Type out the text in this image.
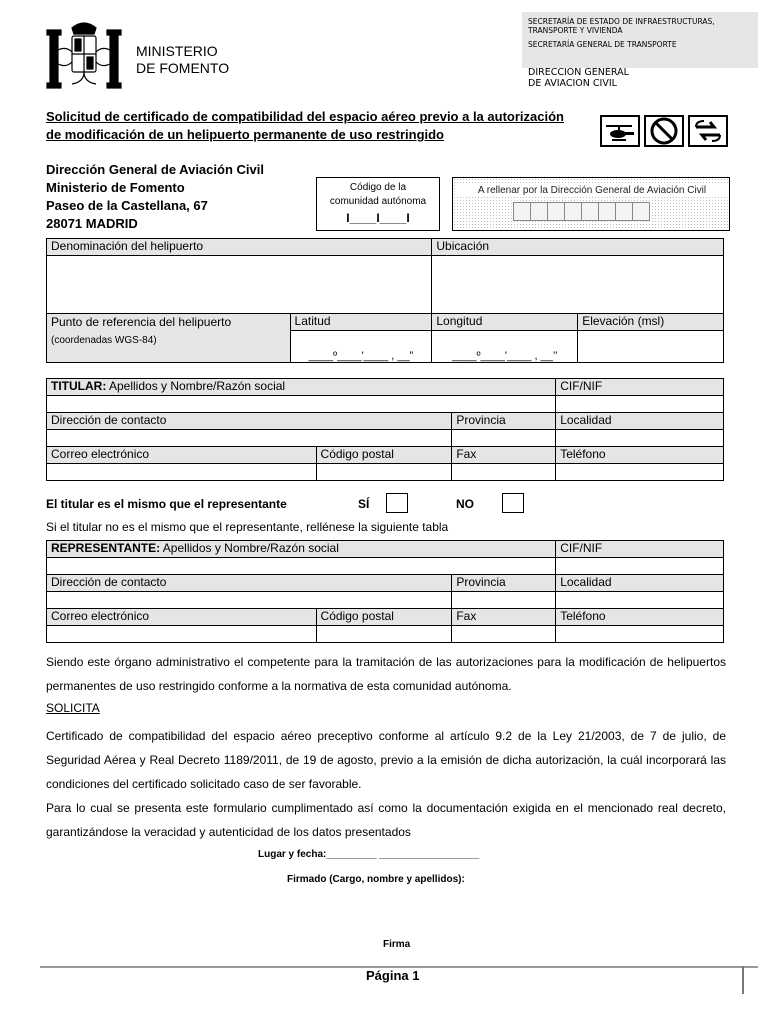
MINISTERIO
DE FOMENTO
SECRETARÍA DE ESTADO DE INFRAESTRUCTURAS, TRANSPORTE Y VIVIENDA
SECRETARÍA GENERAL DE TRANSPORTE
DIRECCION GENERAL
DE AVIACION CIVIL
Solicitud de certificado de compatibilidad del espacio aéreo previo a la autorización
de modificación de un helipuerto permanente de uso restringido
Dirección General de Aviación Civil
Ministerio de Fomento
Paseo de la Castellana, 67
28071 MADRID
Código de la
comunidad autónoma
I____I____I
A rellenar por la Dirección General de Aviación Civil
Denominación del helipuerto		Ubicación	

Punto de referencia del helipuerto
(coordenadas WGS-84)	Latitud	Longitud	Elevación (msl)
	____º____'____ , __”	____º____'____ , __’’	
TITULAR: Apellidos y Nombre/Razón social			CIF/NIF

Dirección de contacto		Provincia	Localidad

Correo electrónico	Código postal	Fax	Teléfono

El titular es el mismo que el representante	SÍ	NO
Si el titular no es el mismo que el representante, rellénese la siguiente tabla
REPRESENTANTE: Apellidos y Nombre/Razón social			CIF/NIF

Dirección de contacto		Provincia	Localidad

Correo electrónico	Código postal	Fax	Teléfono

Siendo este órgano administrativo el competente para la tramitación de las autorizaciones para la modificación de helipuertos permanentes de uso restringido conforme a la normativa de esta comunidad autónoma.
SOLICITA
Certificado de compatibilidad del espacio aéreo preceptivo conforme al artículo 9.2 de la Ley 21/2003, de 7 de julio, de Seguridad Aérea y Real Decreto 1189/2011, de 19 de agosto, previo a la emisión de dicha autorización, la cuál incorporará las condiciones del certificado solicitado caso de ser favorable.
Para lo cual se presenta este formulario cumplimentado así como la documentación exigida en el mencionado real decreto, garantizándose la veracidad y autenticidad de los datos presentados
Lugar y fecha:_________ __________________
Firmado (Cargo, nombre y apellidos):
Firma
Página 1
